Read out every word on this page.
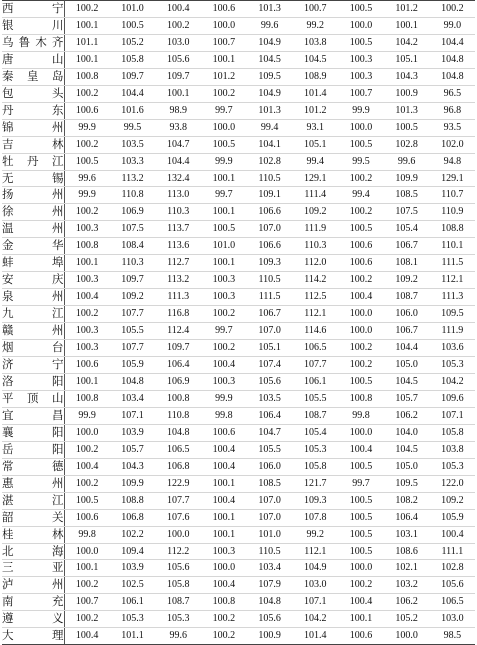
西 宁	100.2	101.0	100.4	100.6	101.3	100.7	100.5	101.2	100.2
银 川	100.1	100.5	100.2	100.0	99.6	99.2	100.0	100.1	99.0
乌鲁木齐	101.1	105.2	103.0	100.7	104.9	103.8	100.5	104.2	104.4
唐 山	100.1	105.8	105.6	100.1	104.5	104.5	100.3	105.1	104.8
秦皇岛	100.8	109.7	109.7	101.2	109.5	108.9	100.3	104.3	104.8
包 头	100.2	104.4	100.1	100.2	104.9	101.4	100.7	100.9	96.5
丹 东	100.6	101.6	98.9	99.7	101.3	101.2	99.9	101.3	96.8
锦 州	99.9	99.5	93.8	100.0	99.4	93.1	100.0	100.5	93.5
吉 林	100.2	103.5	104.7	100.5	104.1	105.1	100.5	102.8	102.0
牡丹江	100.5	103.3	104.4	99.9	102.8	99.4	99.5	99.6	94.8
无 锡	99.6	113.2	132.4	100.1	110.5	129.1	100.2	109.9	129.1
扬 州	99.9	110.8	113.0	99.7	109.1	111.4	99.4	108.5	110.7
徐 州	100.2	106.9	110.3	100.1	106.6	109.2	100.2	107.5	110.9
温 州	100.3	107.5	113.7	100.5	107.0	111.9	100.5	105.4	108.8
金 华	100.8	108.4	113.6	101.0	106.6	110.3	100.6	106.7	110.1
蚌 埠	100.1	110.3	112.7	100.1	109.3	112.0	100.6	108.1	111.5
安 庆	100.3	109.7	113.2	100.3	110.5	114.2	100.2	109.2	112.1
泉 州	100.4	109.2	111.3	100.3	111.5	112.5	100.4	108.7	111.3
九 江	100.2	107.7	116.8	100.2	106.7	112.1	100.0	106.0	109.5
赣 州	100.3	105.5	112.4	99.7	107.0	114.6	100.0	106.7	111.9
烟 台	100.3	107.7	109.7	100.2	105.1	106.5	100.2	104.4	103.6
济 宁	100.6	105.9	106.4	100.4	107.4	107.7	100.2	105.0	105.3
洛 阳	100.1	104.8	106.9	100.3	105.6	106.1	100.5	104.5	104.2
平顶山	100.8	103.4	100.8	99.9	103.5	105.5	100.8	105.7	109.6
宜 昌	99.9	107.1	110.8	99.8	106.4	108.7	99.8	106.2	107.1
襄 阳	100.0	103.9	104.8	100.6	104.7	105.4	100.0	104.0	105.8
岳 阳	100.2	105.7	106.5	100.4	105.5	105.3	100.4	104.5	103.8
常 德	100.4	104.3	106.8	100.4	106.0	105.8	100.5	105.0	105.3
惠 州	100.2	109.9	122.9	100.1	108.5	121.7	99.7	109.5	122.0
湛 江	100.5	108.8	107.7	100.4	107.0	109.3	100.5	108.2	109.2
韶 关	100.6	106.8	107.6	100.1	107.0	107.8	100.5	106.4	105.9
桂 林	99.8	102.2	100.0	100.1	101.0	99.2	100.5	103.1	100.4
北 海	100.0	109.4	112.2	100.3	110.5	112.1	100.5	108.6	111.1
三 亚	100.1	103.9	105.6	100.0	103.4	104.9	100.0	102.1	102.8
泸 州	100.2	102.5	105.8	100.4	107.9	103.0	100.2	103.2	105.6
南 充	100.7	106.1	108.7	100.8	104.8	107.1	100.4	106.2	106.5
遵 义	100.2	105.3	105.3	100.2	105.6	104.2	100.1	105.2	103.0
大 理	100.4	101.1	99.6	100.2	100.9	101.4	100.6	100.0	98.5
